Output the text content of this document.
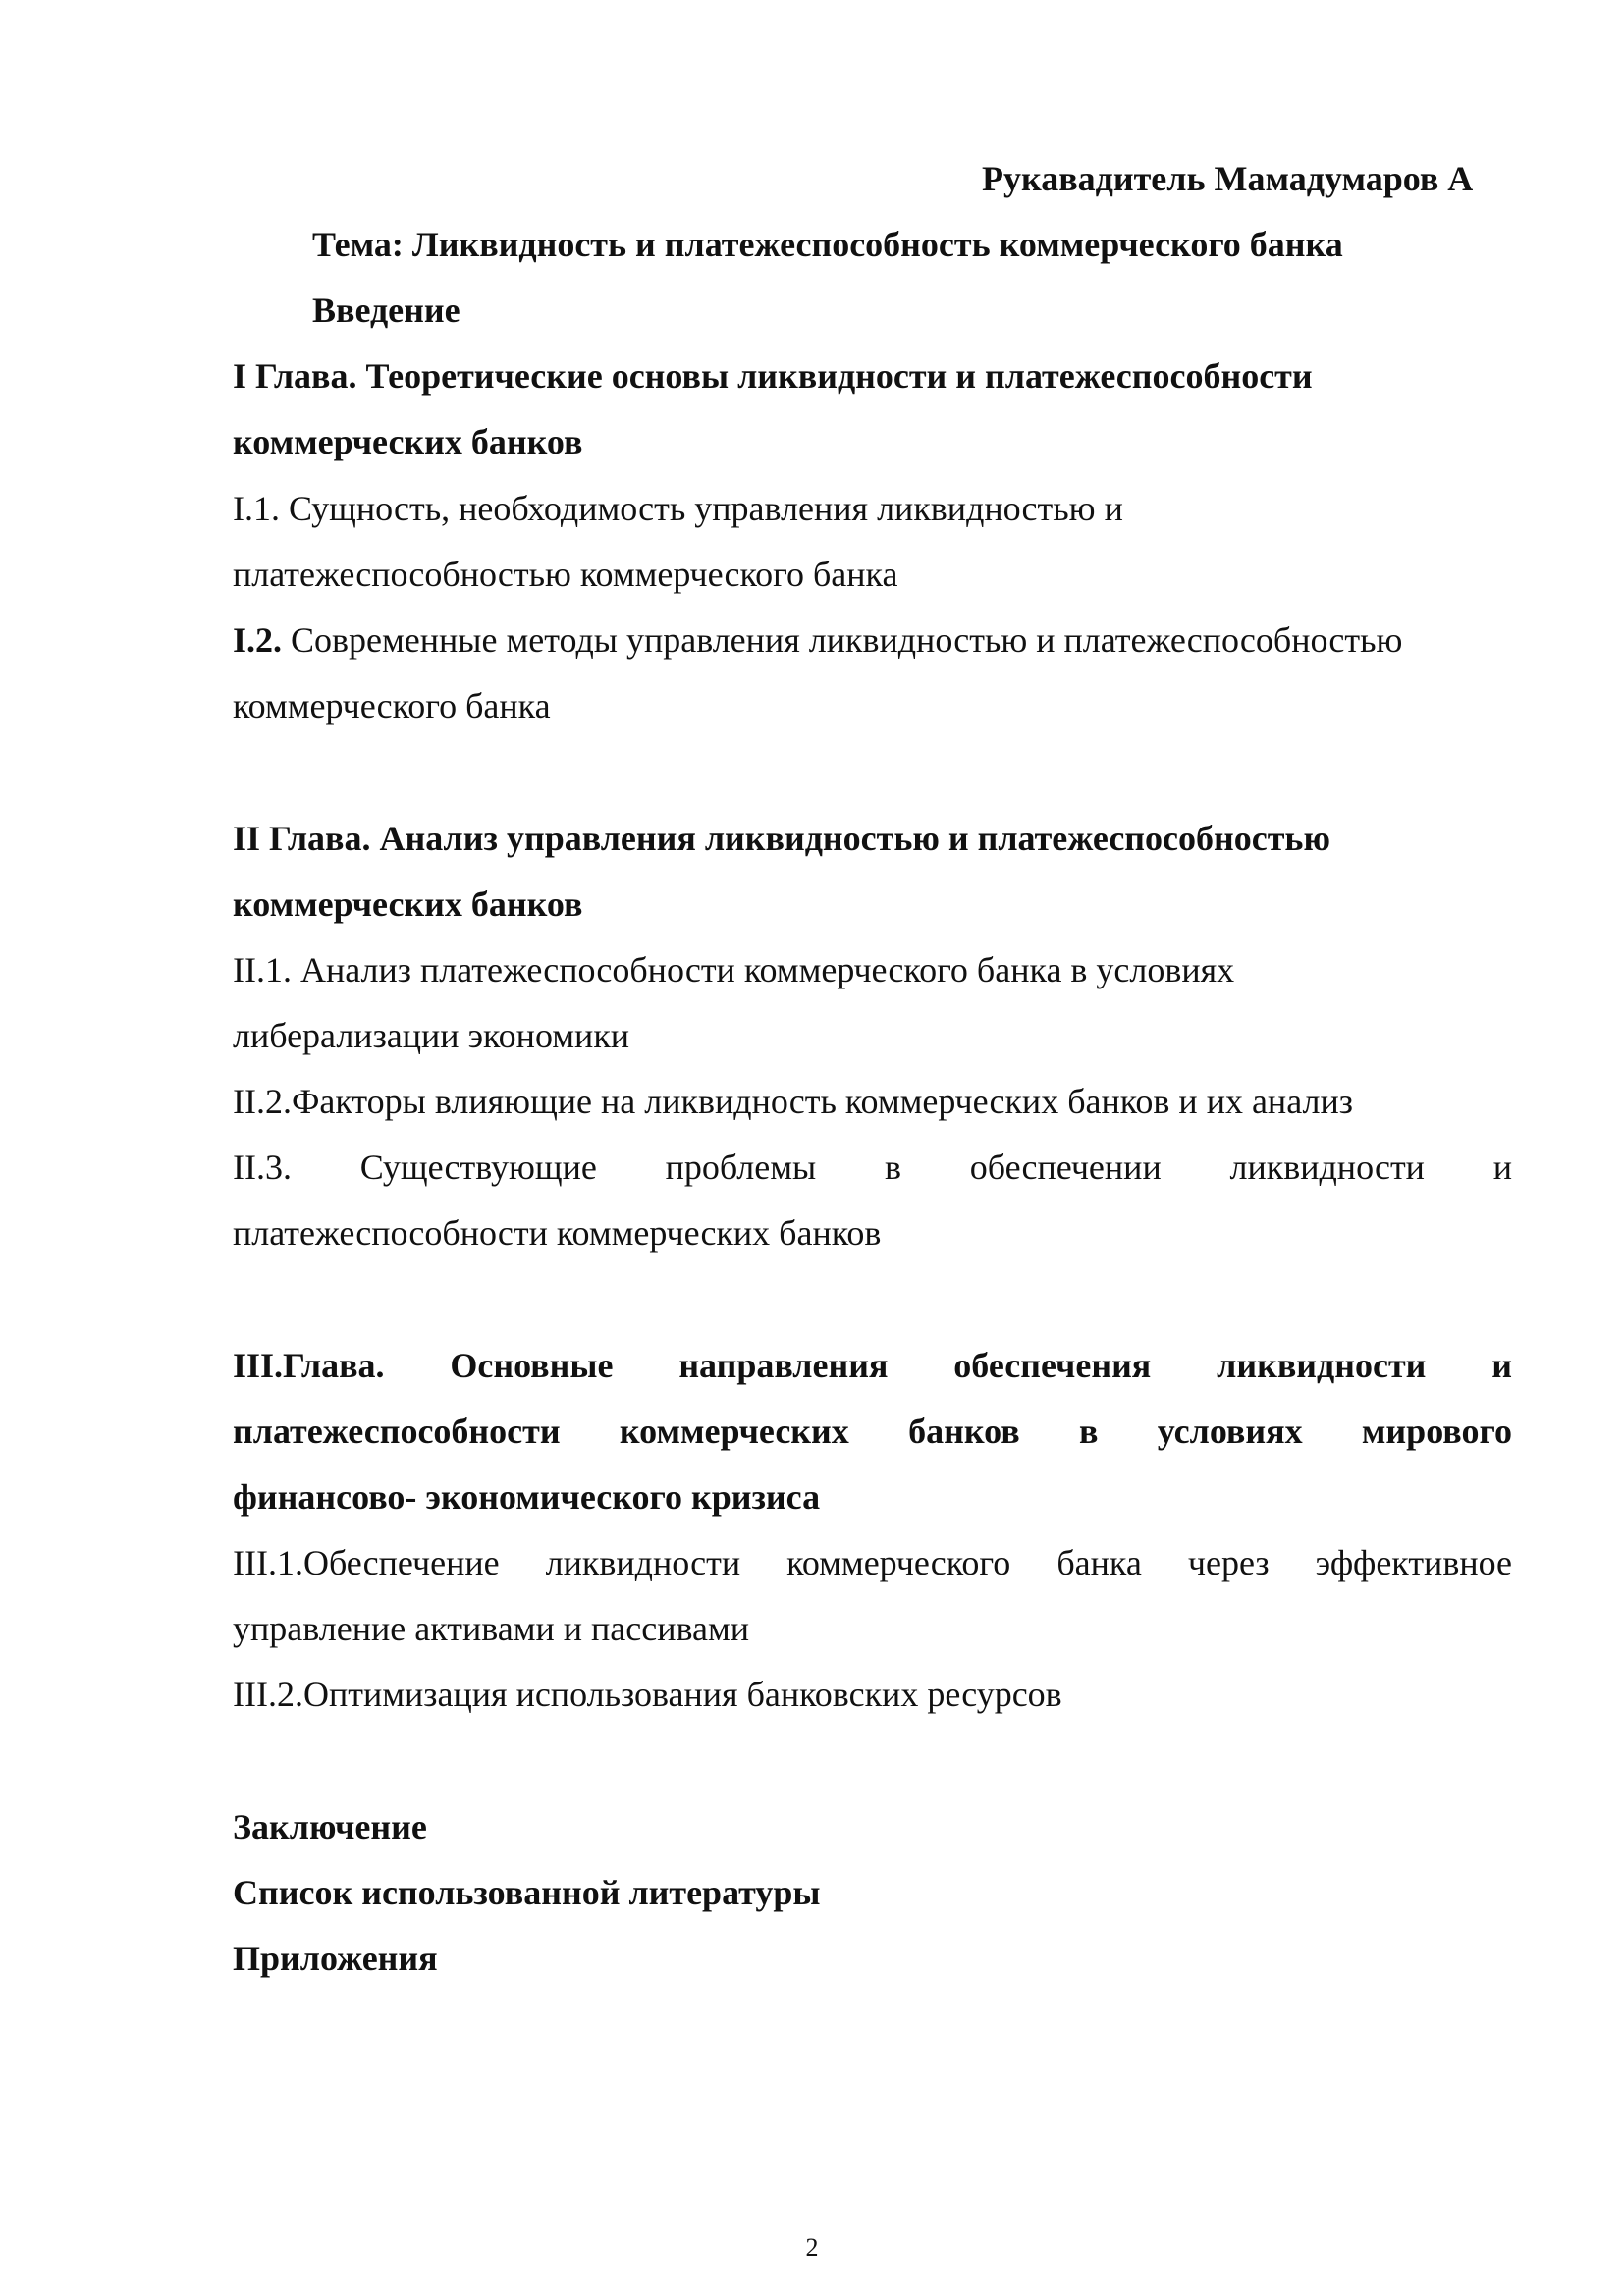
Рукавадитель Мамадумаров А
Тема: Ликвидность и платежеспособность коммерческого банка
Введение
I Глава. Теоретические основы ликвидности и платежеспособности
коммерческих банков
I.1. Сущность, необходимость управления ликвидностью и
платежеспособностью коммерческого банка
I.2. Современные методы управления ликвидностью и платежеспособностью
коммерческого банка
II Глава. Анализ управления ликвидностью и платежеспособностью
коммерческих банков
II.1. Анализ платежеспособности коммерческого банка в условиях
либерализации экономики
II.2.Факторы влияющие на ликвидность коммерческих банков и их анализ
II.3. Существующие проблемы в обеспечении ликвидности и
платежеспособности коммерческих банков
III.Глава. Основные направления обеспечения ликвидности и
платежеспособности коммерческих банков в условиях мирового
финансово- экономического кризиса
III.1.Обеспечение ликвидности коммерческого банка через эффективное
управление активами и пассивами
III.2.Оптимизация использования банковских ресурсов
Заключение
Список использованной литературы
Приложения
2
